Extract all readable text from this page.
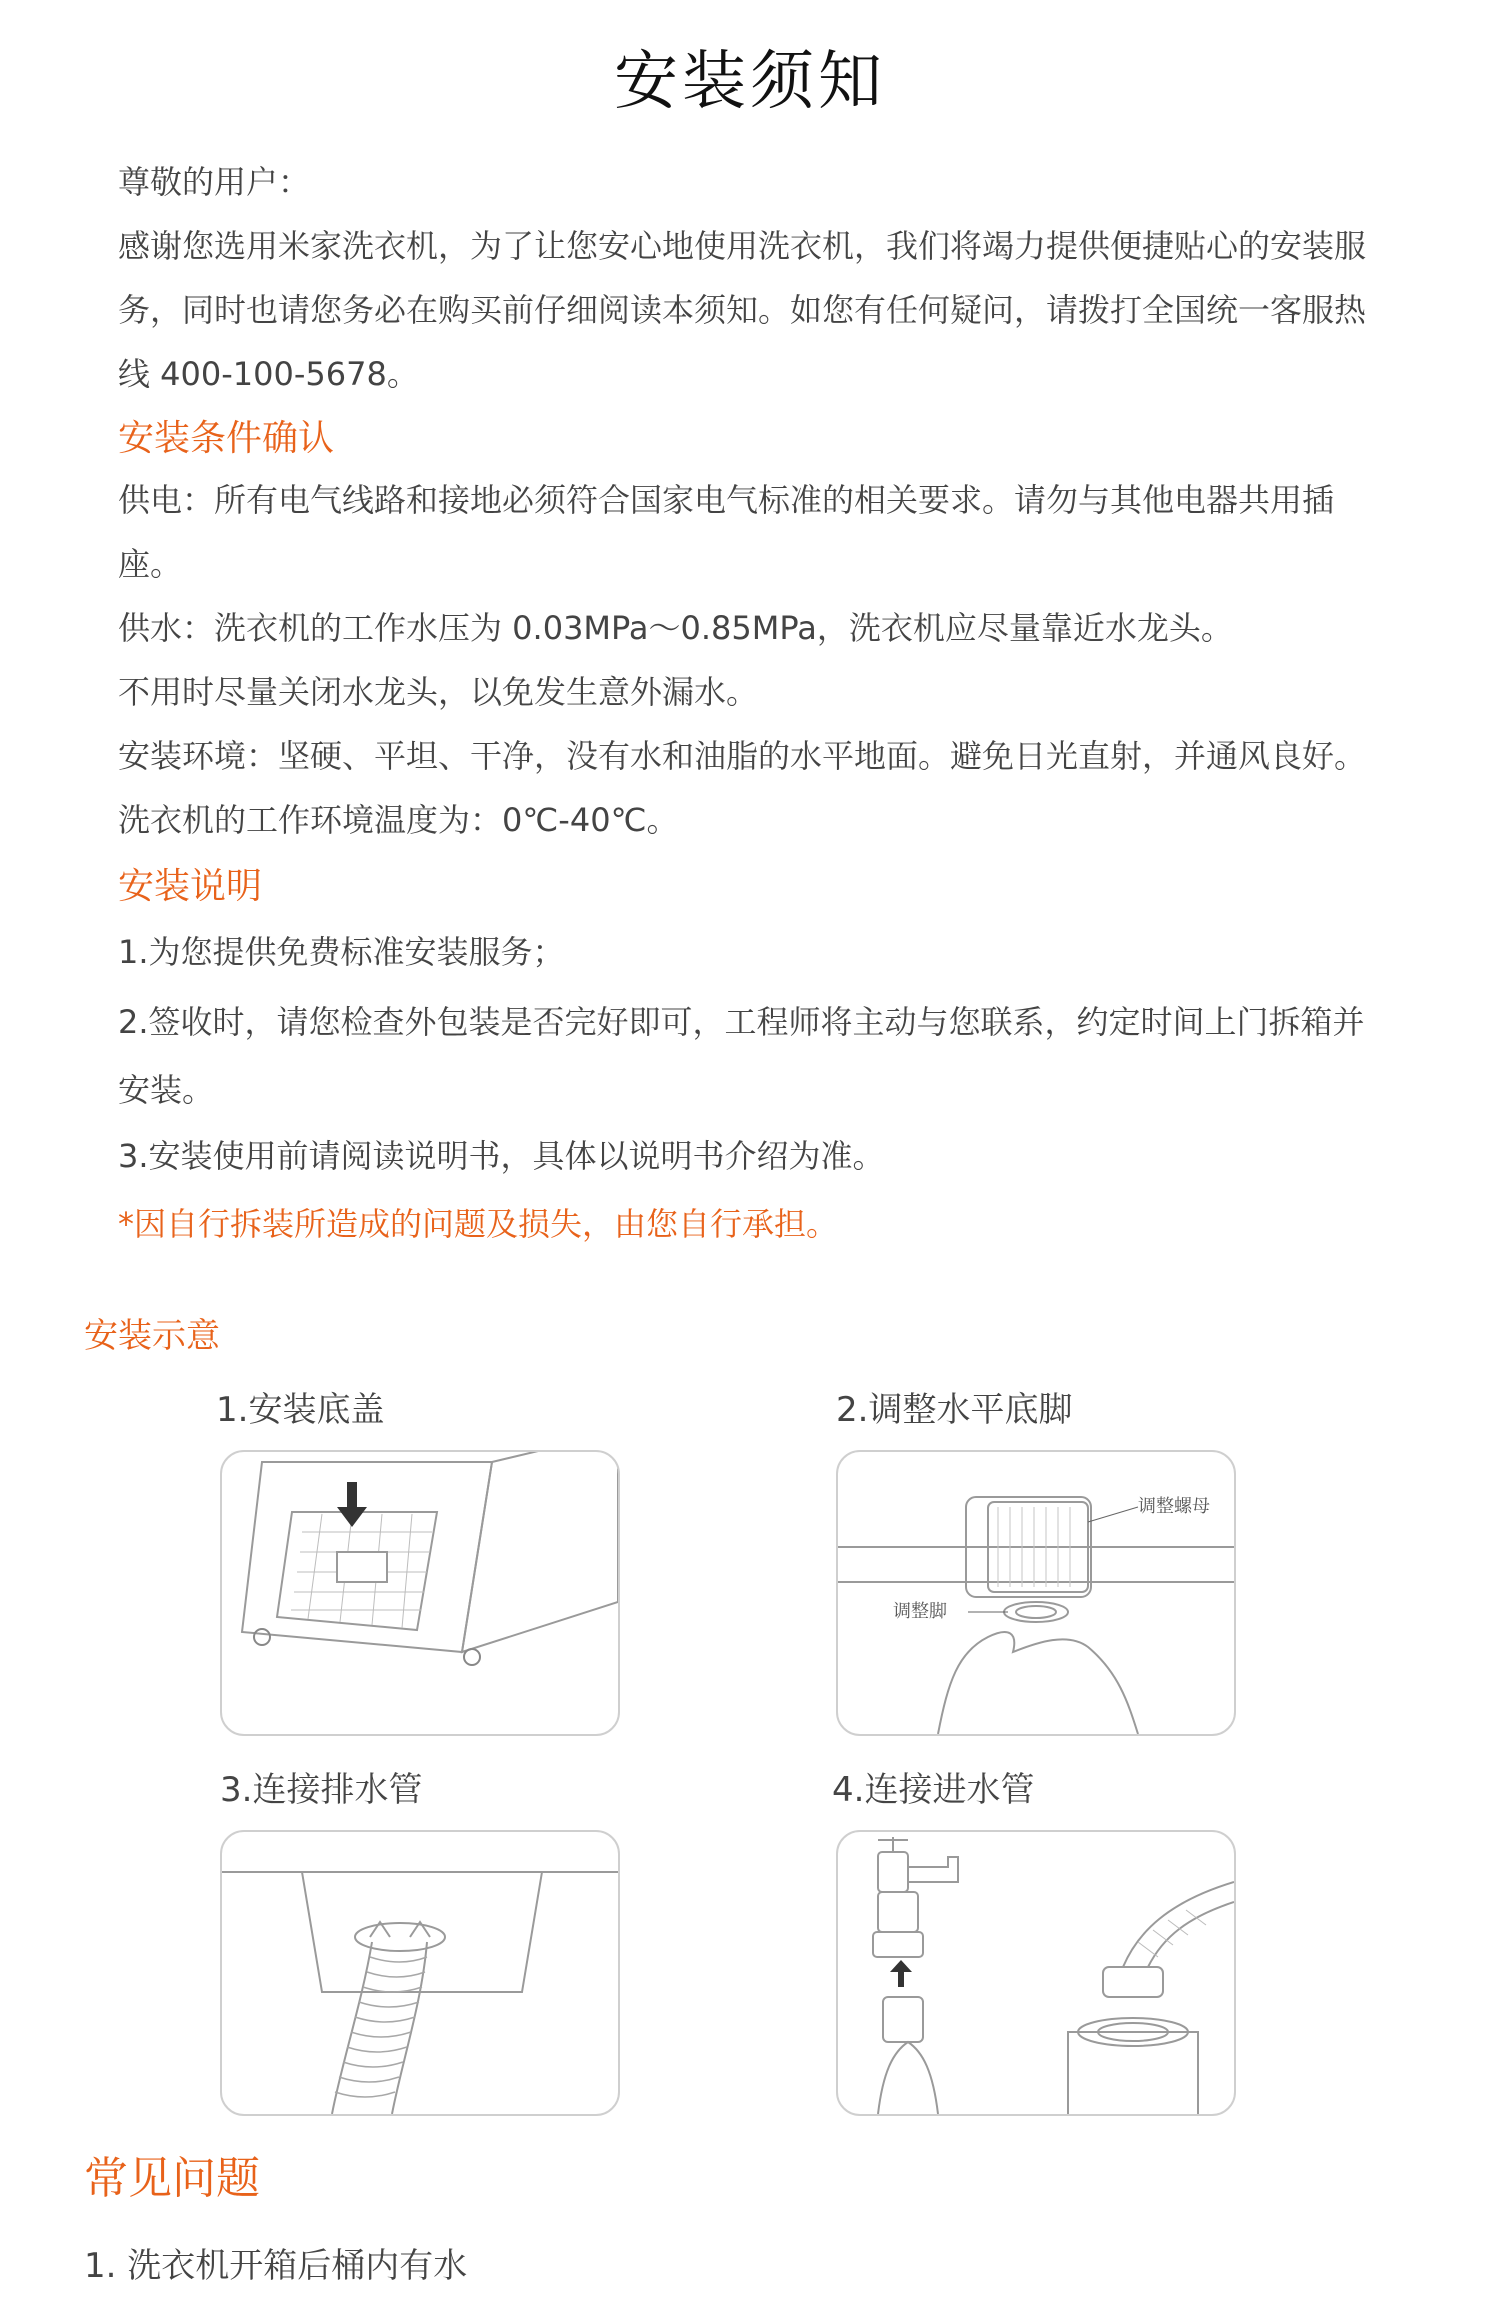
安装须知
尊敬的用户：
感谢您选用米家洗衣机，为了让您安心地使用洗衣机，我们将竭力提供便捷贴心的安装服务，同时也请您务必在购买前仔细阅读本须知。如您有任何疑问，请拨打全国统一客服热线 400-100-5678。
安装条件确认
供电：所有电气线路和接地必须符合国家电气标准的相关要求。请勿与其他电器共用插座。
供水：洗衣机的工作水压为 0.03MPa～0.85MPa，洗衣机应尽量靠近水龙头。
不用时尽量关闭水龙头，以免发生意外漏水。
安装环境：坚硬、平坦、干净，没有水和油脂的水平地面。避免日光直射，并通风良好。洗衣机的工作环境温度为：0℃-40℃。
安装说明
1.为您提供免费标准安装服务；
2.签收时，请您检查外包装是否完好即可，工程师将主动与您联系，约定时间上门拆箱并安装。
3.安装使用前请阅读说明书，具体以说明书介绍为准。
*因自行拆装所造成的问题及损失，由您自行承担。
安装示意
1.安装底盖	2.调整水平底脚
调整螺母
调整脚
3.连接排水管	4.连接进水管
常见问题
1. 洗衣机开箱后桶内有水
